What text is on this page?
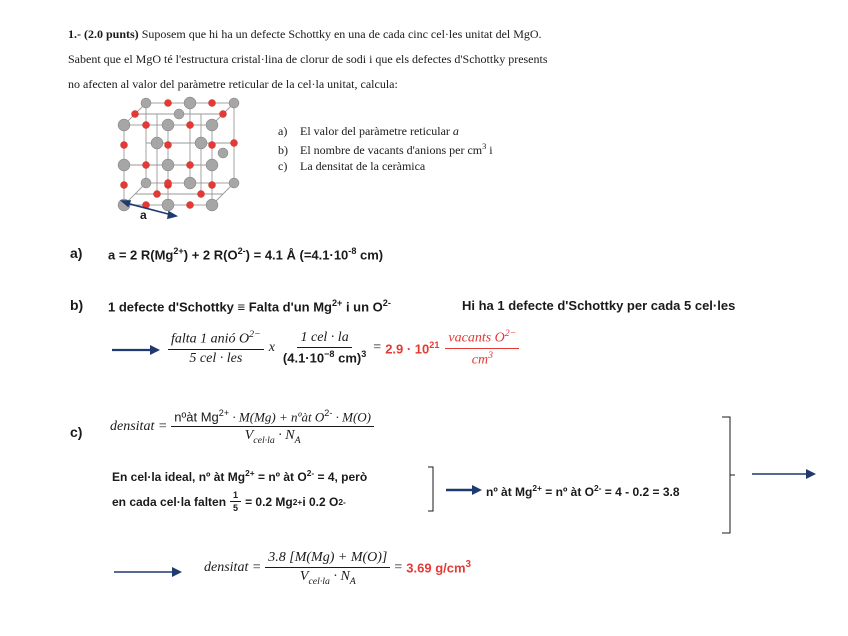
1.- (2.0 punts) Suposem que hi ha un defecte Schottky en una de cada cinc cel·les unitat del MgO.
Sabent que el MgO té l'estructura cristal·lina de clorur de sodi i que els defectes d'Schottky presents
no afecten al valor del paràmetre reticular de la cel·la unitat, calcula:
a
a) El valor del paràmetre reticular a
b) El nombre de vacants d'anions per $cm^3$ i
c) La densitat de la ceràmica
a) a = 2 $R(Mg^{2+}) + 2$ $R(O^{2-}) = 4.1$ Å ($=4.1\cdot 10^{-8}$ cm)
b) 1 defecte d'Schottky ≡ Falta d'un $Mg^{2+}$ i un $O^{2-}$	Hi ha 1 defecte d'Schottky per cada 5 cel·les
$\frac{falta 1 anió O^{2-}}{\text{5 cel · les}}$ x $\frac{\text{1 cel · la}}{(4.1\cdot 10^{-8} cm)^3} = 2.9 \cdot 10^{21} \frac{vacants O^{2-}}{cm^3}$
c) densitat = $\frac{nºàt Mg^{2+} \cdot M(Mg) + nºàt O^{2-} \cdot M(O)}{V_{cel\cdot la} \cdot N_A}$
En cel·la ideal, nº àt $Mg^{2+}$ = nº àt $O^{2-} = 4$, però
en cada cel·la falten $\frac{1}{5} = 0.2$ Mg 2+ i 0.2 O 2-
nº àt $Mg^{2+}$ = nº àt $O^{2-} = 4 - 0.2 = 3.8$
densitat = $\frac{3.8 [M(Mg) + M(O)]}{V_{cel\cdot la} \cdot N_A} = 3.69$ $g/cm^3$
